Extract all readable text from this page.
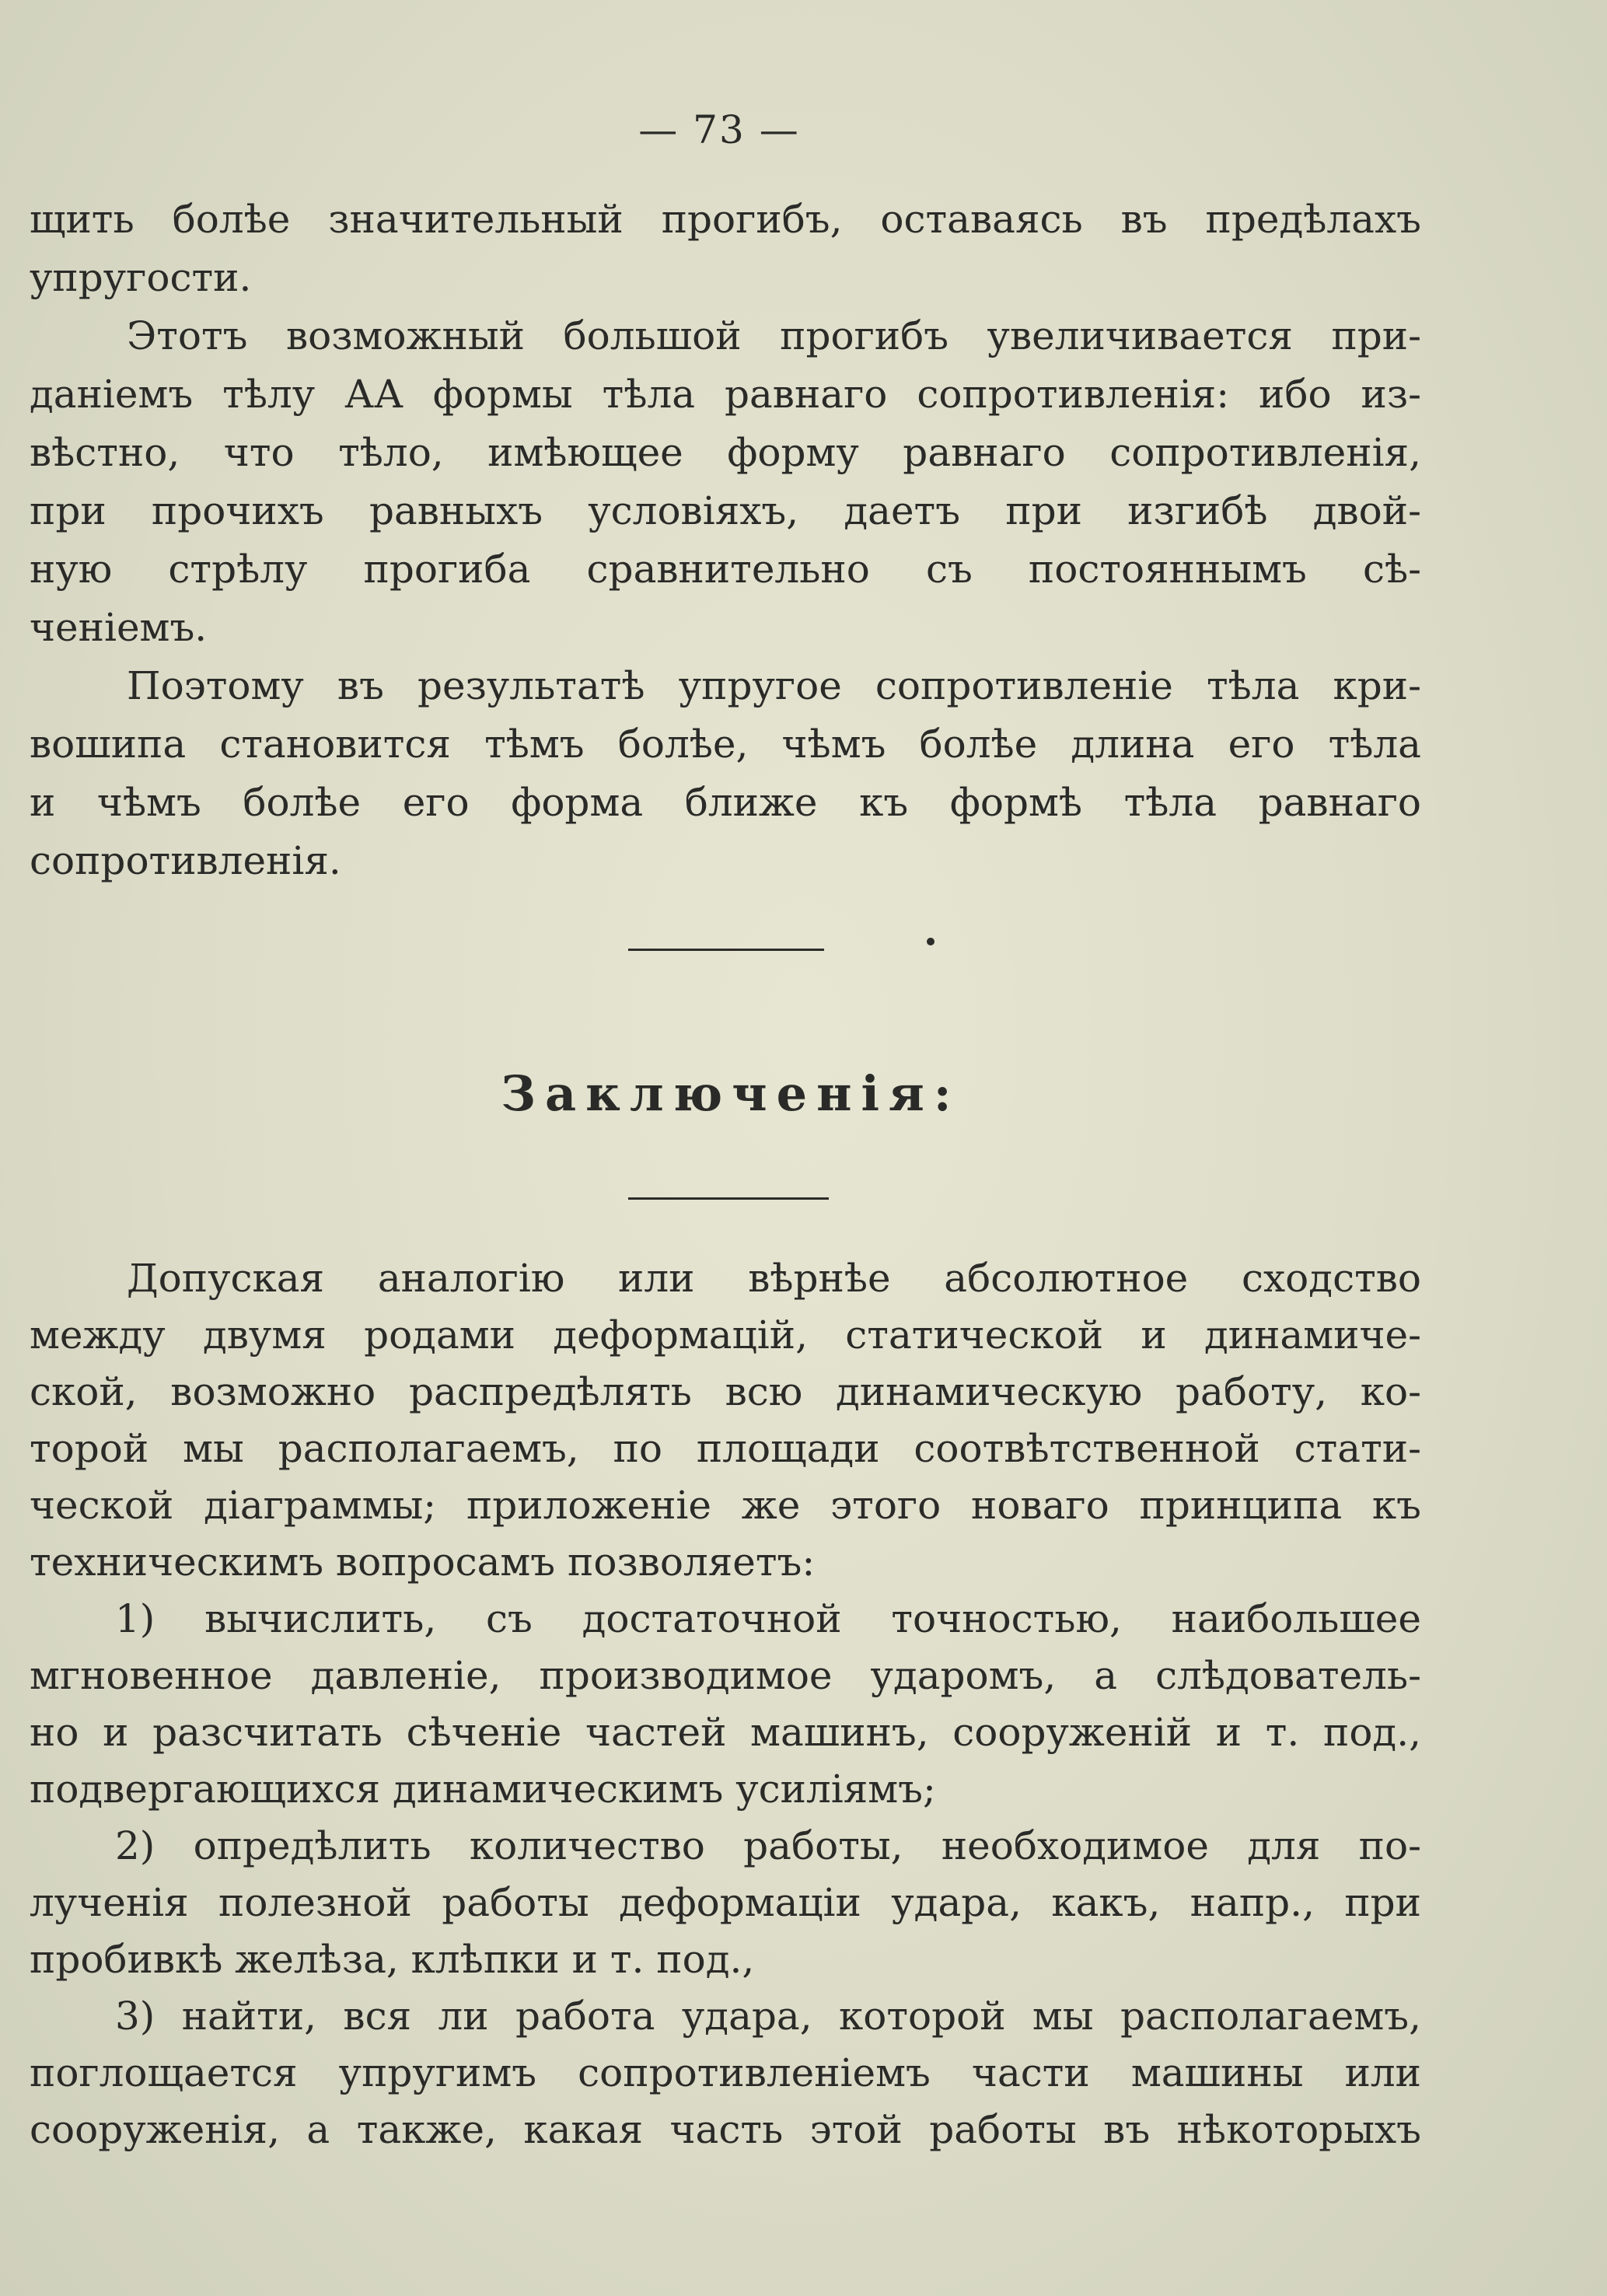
— 73 —

щить болѣе значительный прогибъ, оставаясь въ предѣлахъ

упругости.

Этотъ возможный большой прогибъ увеличивается при-

даніемъ тѣлу АА формы тѣла равнаго сопротивленія: ибо из-

вѣстно, что тѣло, имѣющее форму равнаго сопротивленія,

при прочихъ равныхъ условіяхъ, даетъ при изгибѣ двой-

ную стрѣлу прогиба сравнительно съ постояннымъ сѣ-

ченіемъ.

Поэтому въ результатѣ упругое сопротивленіе тѣла кри-

вошипа становится тѣмъ болѣе, чѣмъ болѣе длина его тѣла

и чѣмъ болѣе его форма ближе къ формѣ тѣла равнаго

сопротивленія.

Заключенія:

Допуская аналогію или вѣрнѣе абсолютное сходство

между двумя родами деформацій, статической и динамиче-

ской, возможно распредѣлять всю динамическую работу, ко-

торой мы располагаемъ, по площади соотвѣтственной стати-

ческой діаграммы; приложеніе же этого новаго принципа къ

техническимъ вопросамъ позволяетъ:

1) вычислить, съ достаточной точностью, наибольшее

мгновенное давленіе, производимое ударомъ, а слѣдователь-

но и разсчитать сѣченіе частей машинъ, сооруженій и т. под.,

подвергающихся динамическимъ усиліямъ;

2) опредѣлить количество работы, необходимое для по-

лученія полезной работы деформаціи удара, какъ, напр., при

пробивкѣ желѣза, клѣпки и т. под.,

3) найти, вся ли работа удара, которой мы располагаемъ,

поглощается упругимъ сопротивленіемъ части машины или

сооруженія, а также, какая часть этой работы въ нѣкоторыхъ
